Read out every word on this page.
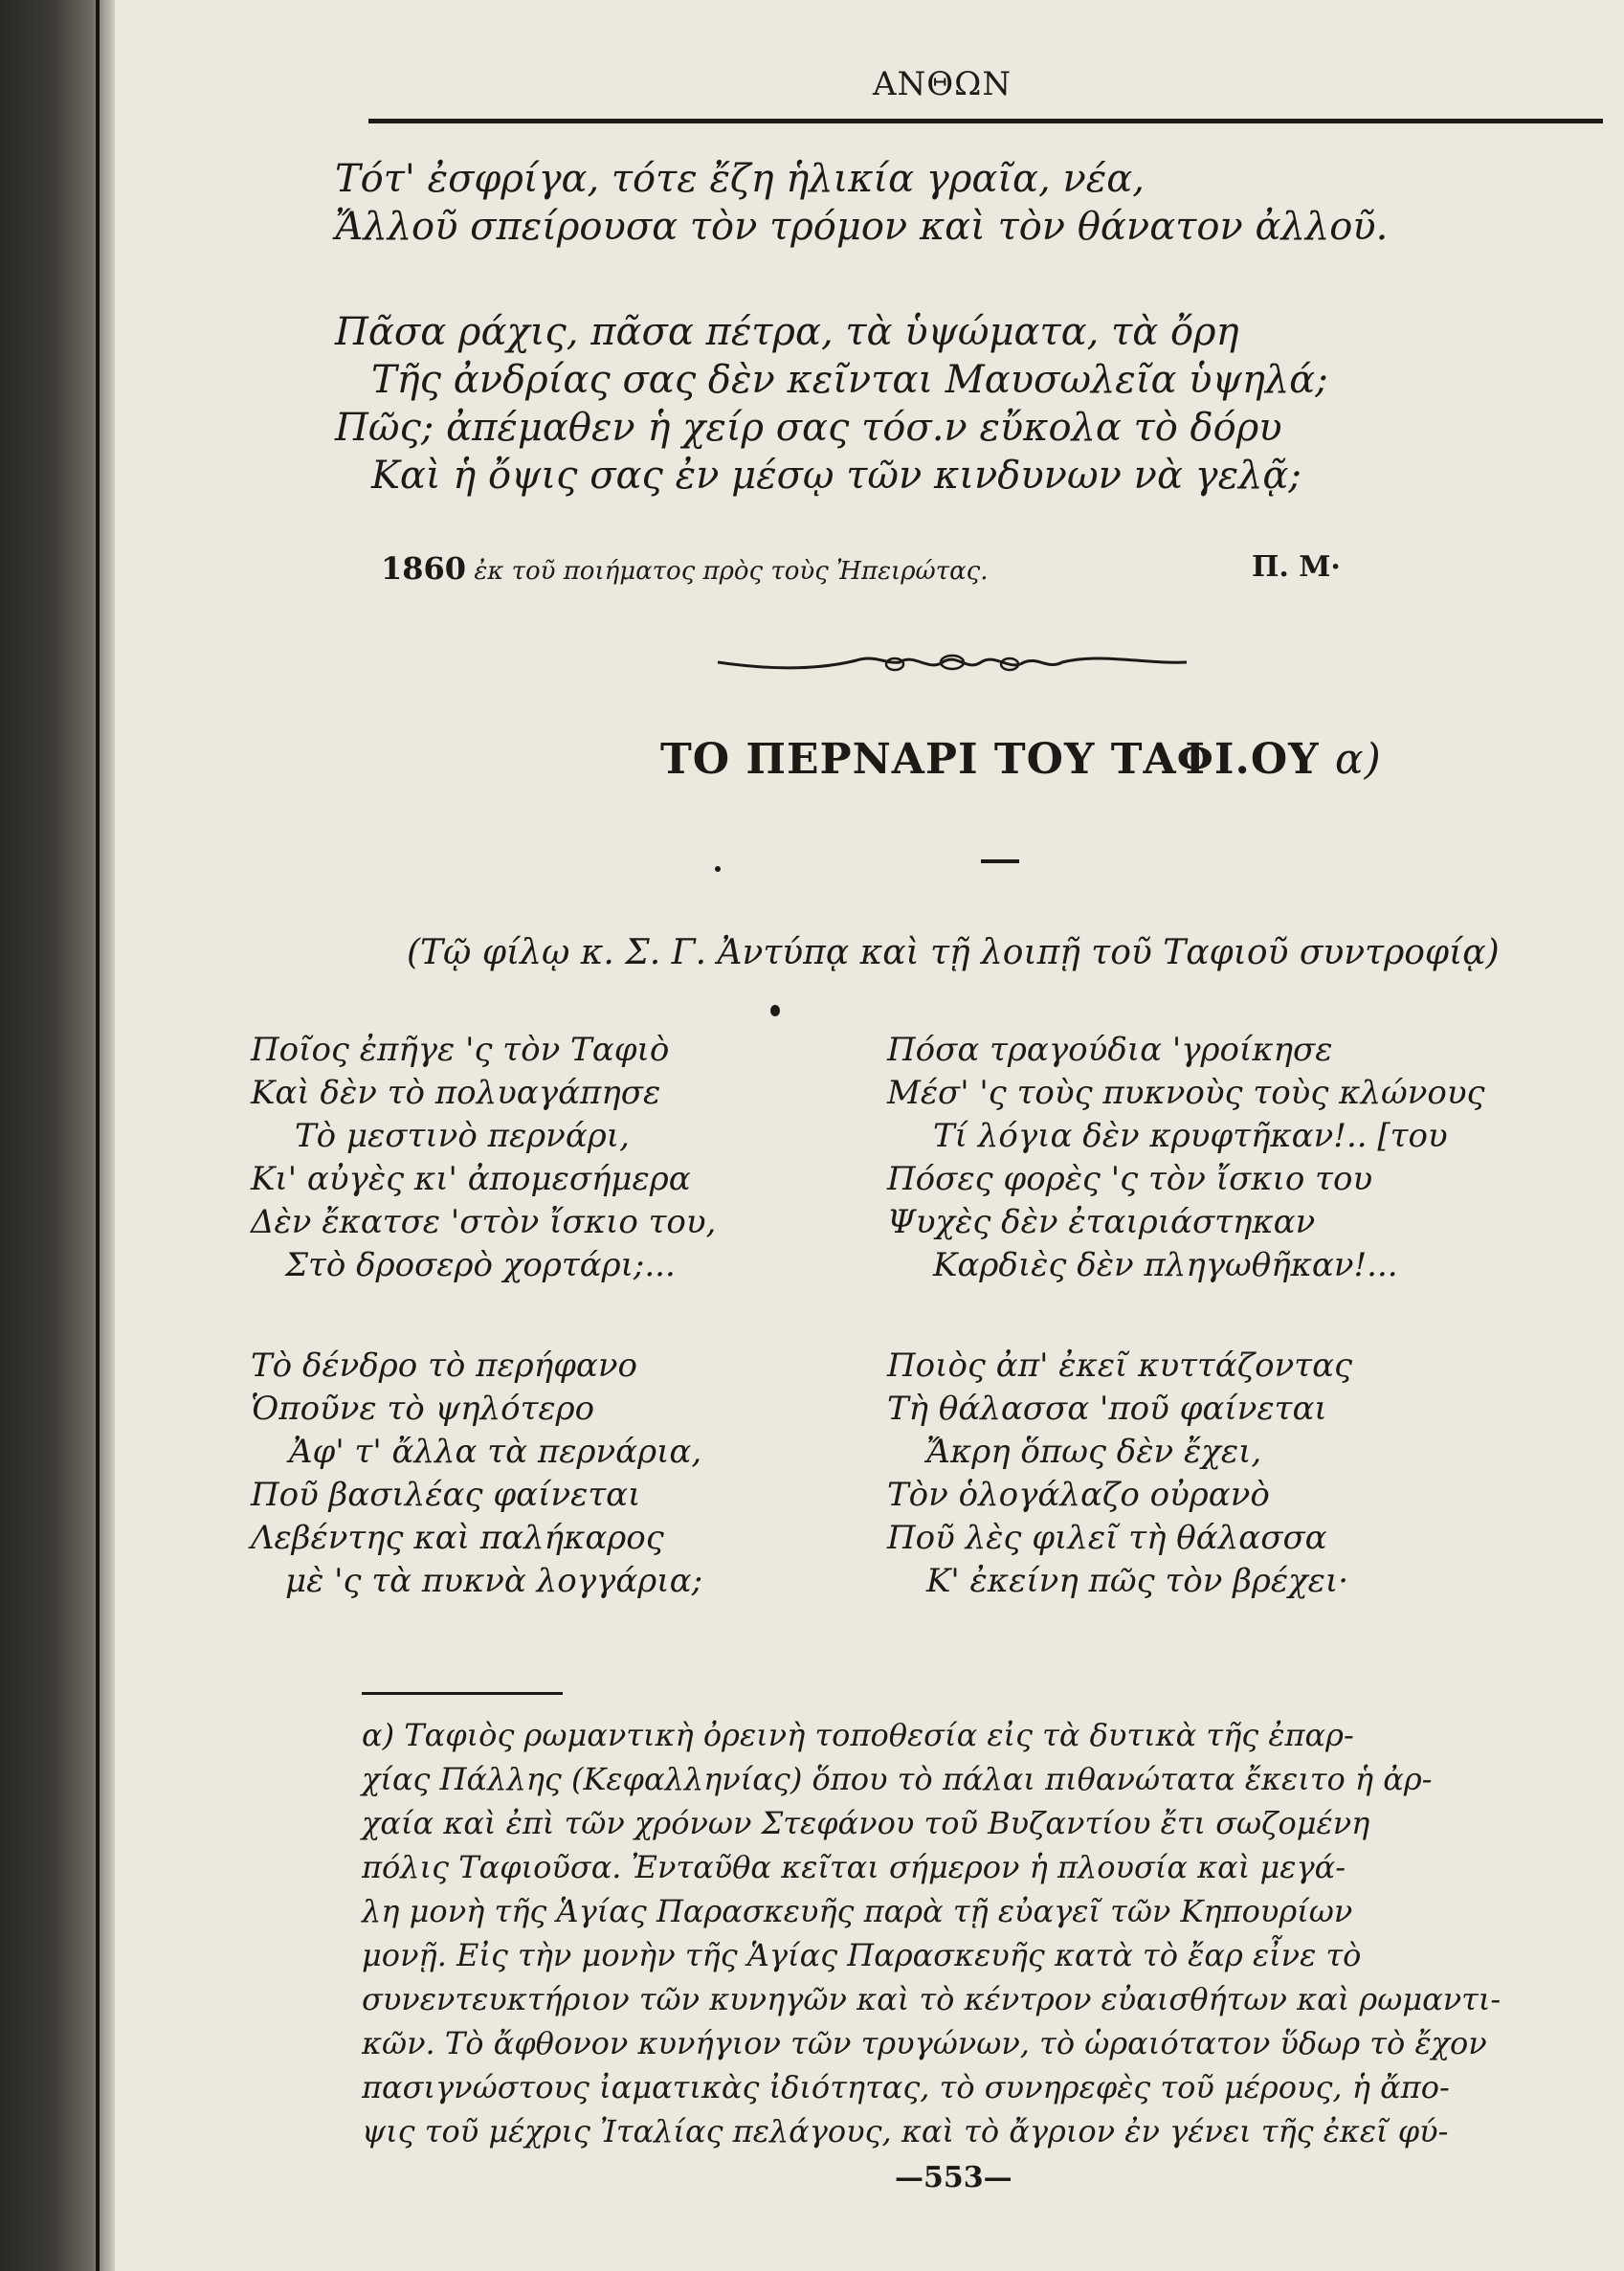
ΑΝΘΩΝ
Τότ' ἐσφρίγα, τότε ἔζη ἡλικία γραῖα, νέα,
Ἄλλοῦ σπείρουσα τὸν τρόμον καὶ τὸν θάνατον ἀλλοῦ.
Πᾶσα ράχις, πᾶσα πέτρα, τὰ ὑψώματα, τὰ ὄρη
Τῆς ἀνδρίας σας δὲν κεῖνται Μαυσωλεῖα ὑψηλά;
Πῶς; ἀπέμαθεν ἡ χείρ σας τόσ.ν εὔκολα τὸ δόρυ
Καὶ ἡ ὄψις σας ἐν μέσῳ τῶν κινδυνων νὰ γελᾷ;
1860 ἐκ τοῦ ποιήματος πρὸς τοὺς Ἠπειρώτας.	Π. Μ·
ΤΟ ΠΕΡΝΑΡΙ ΤΟΥ ΤΑΦΙ.ΟΥ α)
(Τῷ φίλῳ κ. Σ. Γ. Ἀντύπᾳ καὶ τῇ λοιπῇ τοῦ Ταφιοῦ συντροφίᾳ)
Ποῖος ἐπῆγε 'ς τὸν Ταφιὸ
Καὶ δὲν τὸ πολυαγάπησε
Τὸ μεστινὸ περνάρι,
Κι' αὐγὲς κι' ἀπομεσήμερα
Δὲν ἔκατσε 'στὸν ἴσκιο του,
Στὸ δροσερὸ χορτάρι;...
Τὸ δένδρο τὸ περήφανο
Ὁποῦνε τὸ ψηλότερο
Ἀφ' τ' ἄλλα τὰ περνάρια,
Ποῦ βασιλέας φαίνεται
Λεβέντης καὶ παλήκαρος
μὲ 'ς τὰ πυκνὰ λογγάρια;
Πόσα τραγούδια 'γροίκησε
Μέσ' 'ς τοὺς πυκνοὺς τοὺς κλώνους
Τί λόγια δὲν κρυφτῆκαν!.. [του
Πόσες φορὲς 'ς τὸν ἴσκιο του
Ψυχὲς δὲν ἐταιριάστηκαν
Καρδιὲς δὲν πληγωθῆκαν!...
Ποιὸς ἀπ' ἐκεῖ κυττάζοντας
Τὴ θάλασσα 'ποῦ φαίνεται
Ἄκρη ὅπως δὲν ἔχει,
Τὸν ὁλογάλαζο οὐρανὸ
Ποῦ λὲς φιλεῖ τὴ θάλασσα
Κ' ἐκείνη πῶς τὸν βρέχει·
α) Ταφιὸς ρωμαντικὴ ὀρεινὴ τοποθεσία εἰς τὰ δυτικὰ τῆς ἐπαρ-
χίας Πάλλης (Κεφαλληνίας) ὅπου τὸ πάλαι πιθανώτατα ἔκειτο ἡ ἀρ-
χαία καὶ ἐπὶ τῶν χρόνων Στεφάνου τοῦ Βυζαντίου ἔτι σωζομένη
πόλις Ταφιοῦσα. Ἐνταῦθα κεῖται σήμερον ἡ πλουσία καὶ μεγά-
λη μονὴ τῆς Ἁγίας Παρασκευῆς παρὰ τῇ εὐαγεῖ τῶν Κηπουρίων
μονῇ. Εἰς τὴν μονὴν τῆς Ἁγίας Παρασκευῆς κατὰ τὸ ἔαρ εἶνε τὸ
συνεντευκτήριον τῶν κυνηγῶν καὶ τὸ κέντρον εὐαισθήτων καὶ ρωμαντι-
κῶν. Τὸ ἄφθονον κυνήγιον τῶν τρυγώνων, τὸ ὡραιότατον ὕδωρ τὸ ἔχον
πασιγνώστους ἰαματικὰς ἰδιότητας, τὸ συνηρεφὲς τοῦ μέρους, ἡ ἄπο-
ψις τοῦ μέχρις Ἰταλίας πελάγους, καὶ τὸ ἄγριον ἐν γένει τῆς ἐκεῖ φύ-
—553—
